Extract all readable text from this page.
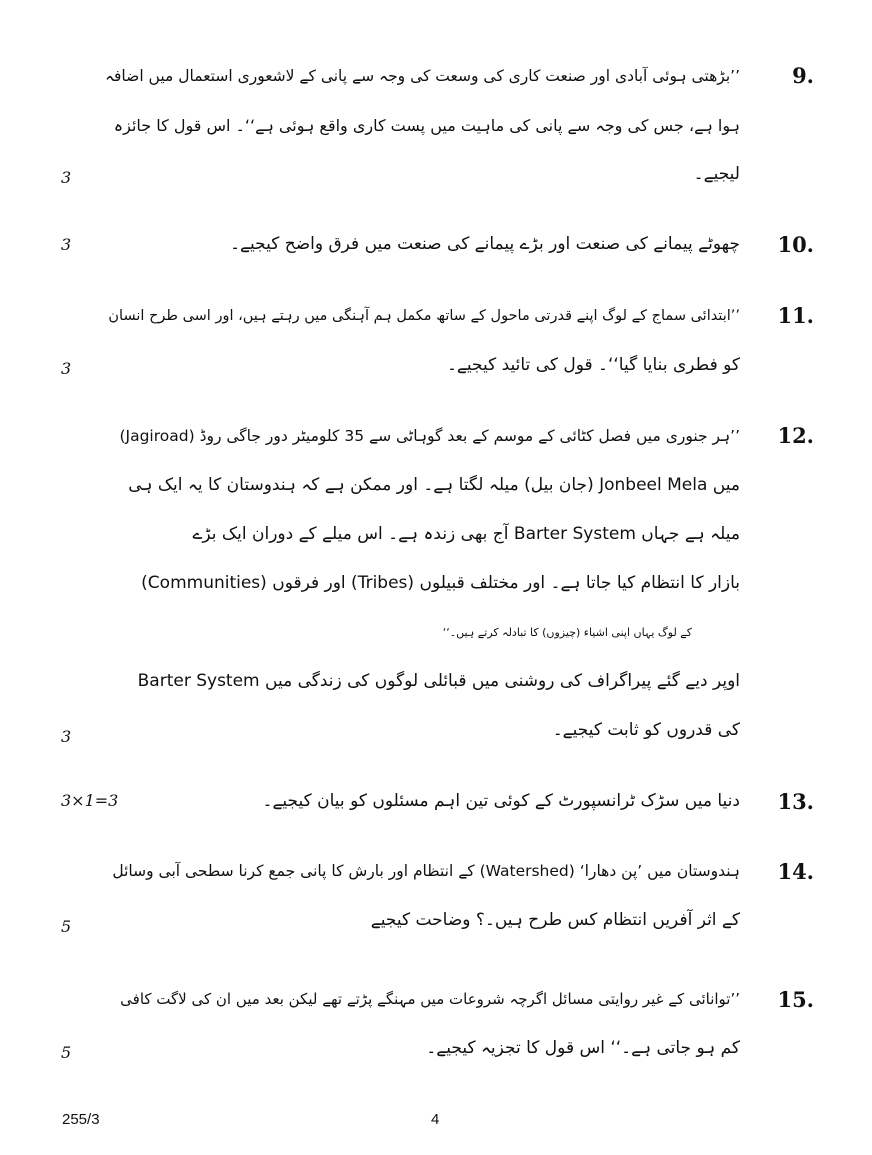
9.
’’بڑھتی ہوئی آبادی اور صنعت کاری کی وسعت کی وجہ سے پانی کے لاشعوری استعمال میں اضافہ
ہوا ہے، جس کی وجہ سے پانی کی ماہیت میں پست کاری واقع ہوئی ہے‘‘۔ اس قول کا جائزہ
لیجیے۔
3
10.
چھوٹے پیمانے کی صنعت اور بڑے پیمانے کی صنعت میں فرق واضح کیجیے۔
3
11.
’’ابتدائی سماج کے لوگ اپنے قدرتی ماحول کے ساتھ مکمل ہم آہنگی میں رہتے ہیں، اور اسی طرح انسان
کو فطری بنایا گیا‘‘۔ قول کی تائید کیجیے۔
3
12.
’’ہر جنوری میں فصل کٹائی کے موسم کے بعد گوہاٹی سے 35 کلومیٹر دور جاگی روڈ (Jagiroad)
میں Jonbeel Mela (جان بیل) میلہ لگتا ہے۔ اور ممکن ہے کہ ہندوستان کا یہ ایک ہی
میلہ ہے جہاں Barter System آج بھی زندہ ہے۔ اس میلے کے دوران ایک بڑے
بازار کا انتظام کیا جاتا ہے۔ اور مختلف قبیلوں (Tribes) اور فرقوں (Communities)
کے لوگ یہاں اپنی اشیاء (چیزوں) کا تبادلہ کرتے ہیں۔‘‘
اوپر دیے گئے پیراگراف کی روشنی میں قبائلی لوگوں کی زندگی میں Barter System
کی قدروں کو ثابت کیجیے۔
3
13.
دنیا میں سڑک ٹرانسپورٹ کے کوئی تین اہم مسئلوں کو بیان کیجیے۔
3×1=3
14.
ہندوستان میں ’پن دھارا‘ (Watershed) کے انتظام اور بارش کا پانی جمع کرنا سطحی آبی وسائل
کے اثر آفریں انتظام کس طرح ہیں۔؟ وضاحت کیجیے
5
15.
’’توانائی کے غیر روایتی مسائل اگرچہ شروعات میں مہنگے پڑتے تھے لیکن بعد میں ان کی لاگت کافی
کم ہو جاتی ہے۔‘‘ اس قول کا تجزیہ کیجیے۔
5
255/3	4
